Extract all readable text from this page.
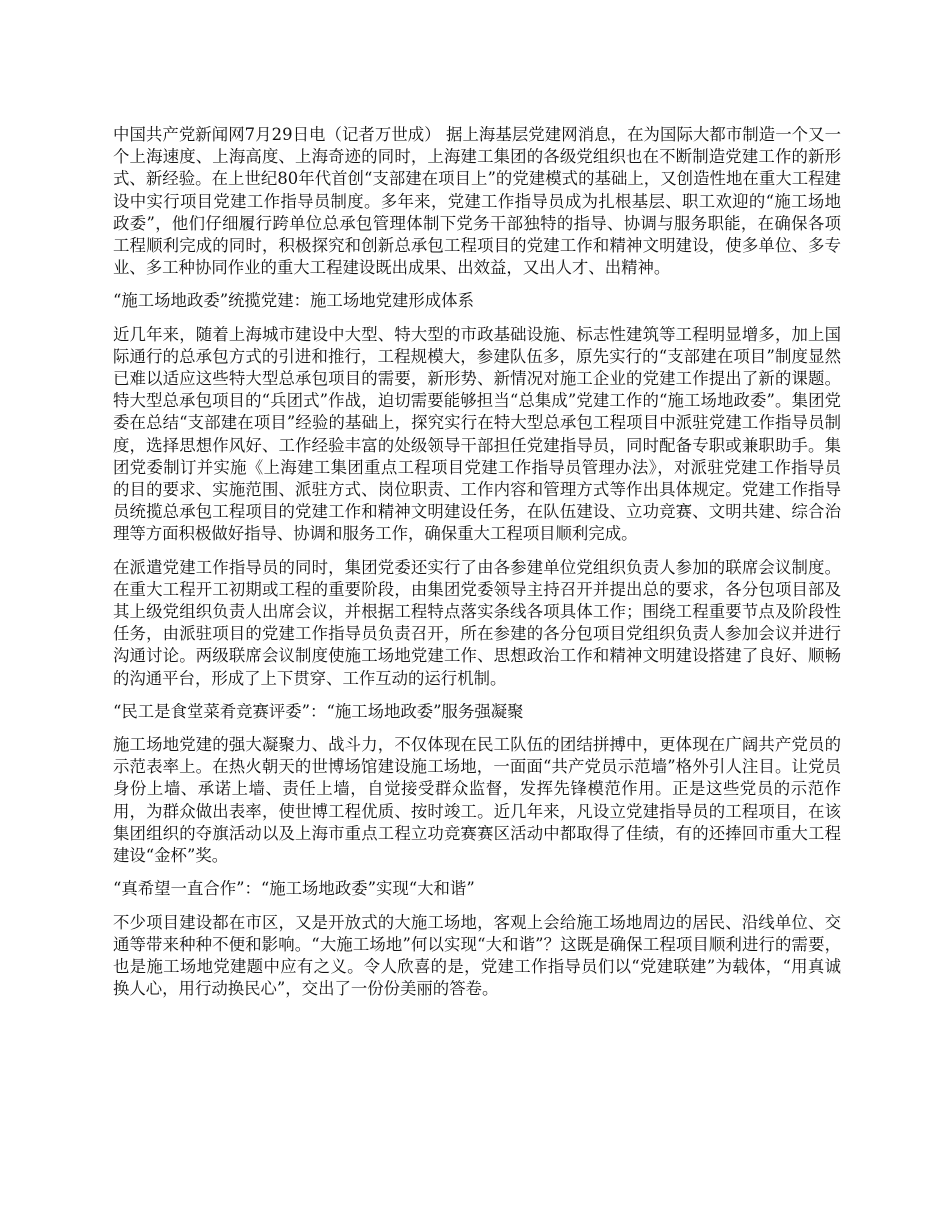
中国共产党新闻网7月29日电（记者万世成） 据上海基层党建网消息，在为国际大都市制造一个又一个上海速度、上海高度、上海奇迹的同时，上海建工集团的各级党组织也在不断制造党建工作的新形式、新经验。在上世纪80年代首创“支部建在项目上”的党建模式的基础上，又创造性地在重大工程建设中实行项目党建工作指导员制度。多年来，党建工作指导员成为扎根基层、职工欢迎的“施工场地政委”，他们仔细履行跨单位总承包管理体制下党务干部独特的指导、协调与服务职能，在确保各项工程顺利完成的同时，积极探究和创新总承包工程项目的党建工作和精神文明建设，使多单位、多专业、多工种协同作业的重大工程建设既出成果、出效益，又出人才、出精神。

“施工场地政委”统揽党建：施工场地党建形成体系

近几年来，随着上海城市建设中大型、特大型的市政基础设施、标志性建筑等工程明显增多，加上国际通行的总承包方式的引进和推行，工程规模大，参建队伍多，原先实行的“支部建在项目”制度显然已难以适应这些特大型总承包项目的需要，新形势、新情况对施工企业的党建工作提出了新的课题。特大型总承包项目的“兵团式”作战，迫切需要能够担当“总集成”党建工作的“施工场地政委”。集团党委在总结“支部建在项目”经验的基础上，探究实行在特大型总承包工程项目中派驻党建工作指导员制度，选择思想作风好、工作经验丰富的处级领导干部担任党建指导员，同时配备专职或兼职助手。集团党委制订并实施《上海建工集团重点工程项目党建工作指导员管理办法》，对派驻党建工作指导员的目的要求、实施范围、派驻方式、岗位职责、工作内容和管理方式等作出具体规定。党建工作指导员统揽总承包工程项目的党建工作和精神文明建设任务，在队伍建设、立功竞赛、文明共建、综合治理等方面积极做好指导、协调和服务工作，确保重大工程项目顺利完成。

在派遣党建工作指导员的同时，集团党委还实行了由各参建单位党组织负责人参加的联席会议制度。在重大工程开工初期或工程的重要阶段，由集团党委领导主持召开并提出总的要求，各分包项目部及其上级党组织负责人出席会议，并根据工程特点落实条线各项具体工作；围绕工程重要节点及阶段性任务，由派驻项目的党建工作指导员负责召开，所在参建的各分包项目党组织负责人参加会议并进行沟通讨论。两级联席会议制度使施工场地党建工作、思想政治工作和精神文明建设搭建了良好、顺畅的沟通平台，形成了上下贯穿、工作互动的运行机制。

“民工是食堂菜肴竞赛评委”：“施工场地政委”服务强凝聚

施工场地党建的强大凝聚力、战斗力，不仅体现在民工队伍的团结拼搏中，更体现在广阔共产党员的示范表率上。在热火朝天的世博场馆建设施工场地，一面面“共产党员示范墙”格外引人注目。让党员身份上墙、承诺上墙、责任上墙，自觉接受群众监督，发挥先锋模范作用。正是这些党员的示范作用，为群众做出表率，使世博工程优质、按时竣工。近几年来，凡设立党建指导员的工程项目，在该集团组织的夺旗活动以及上海市重点工程立功竞赛赛区活动中都取得了佳绩，有的还捧回市重大工程建设“金杯”奖。

“真希望一直合作”：“施工场地政委”实现“大和谐”

不少项目建设都在市区，又是开放式的大施工场地，客观上会给施工场地周边的居民、沿线单位、交通等带来种种不便和影响。“大施工场地”何以实现“大和谐”？这既是确保工程项目顺利进行的需要，也是施工场地党建题中应有之义。令人欣喜的是，党建工作指导员们以“党建联建”为载体，“用真诚换人心，用行动换民心”，交出了一份份美丽的答卷。
